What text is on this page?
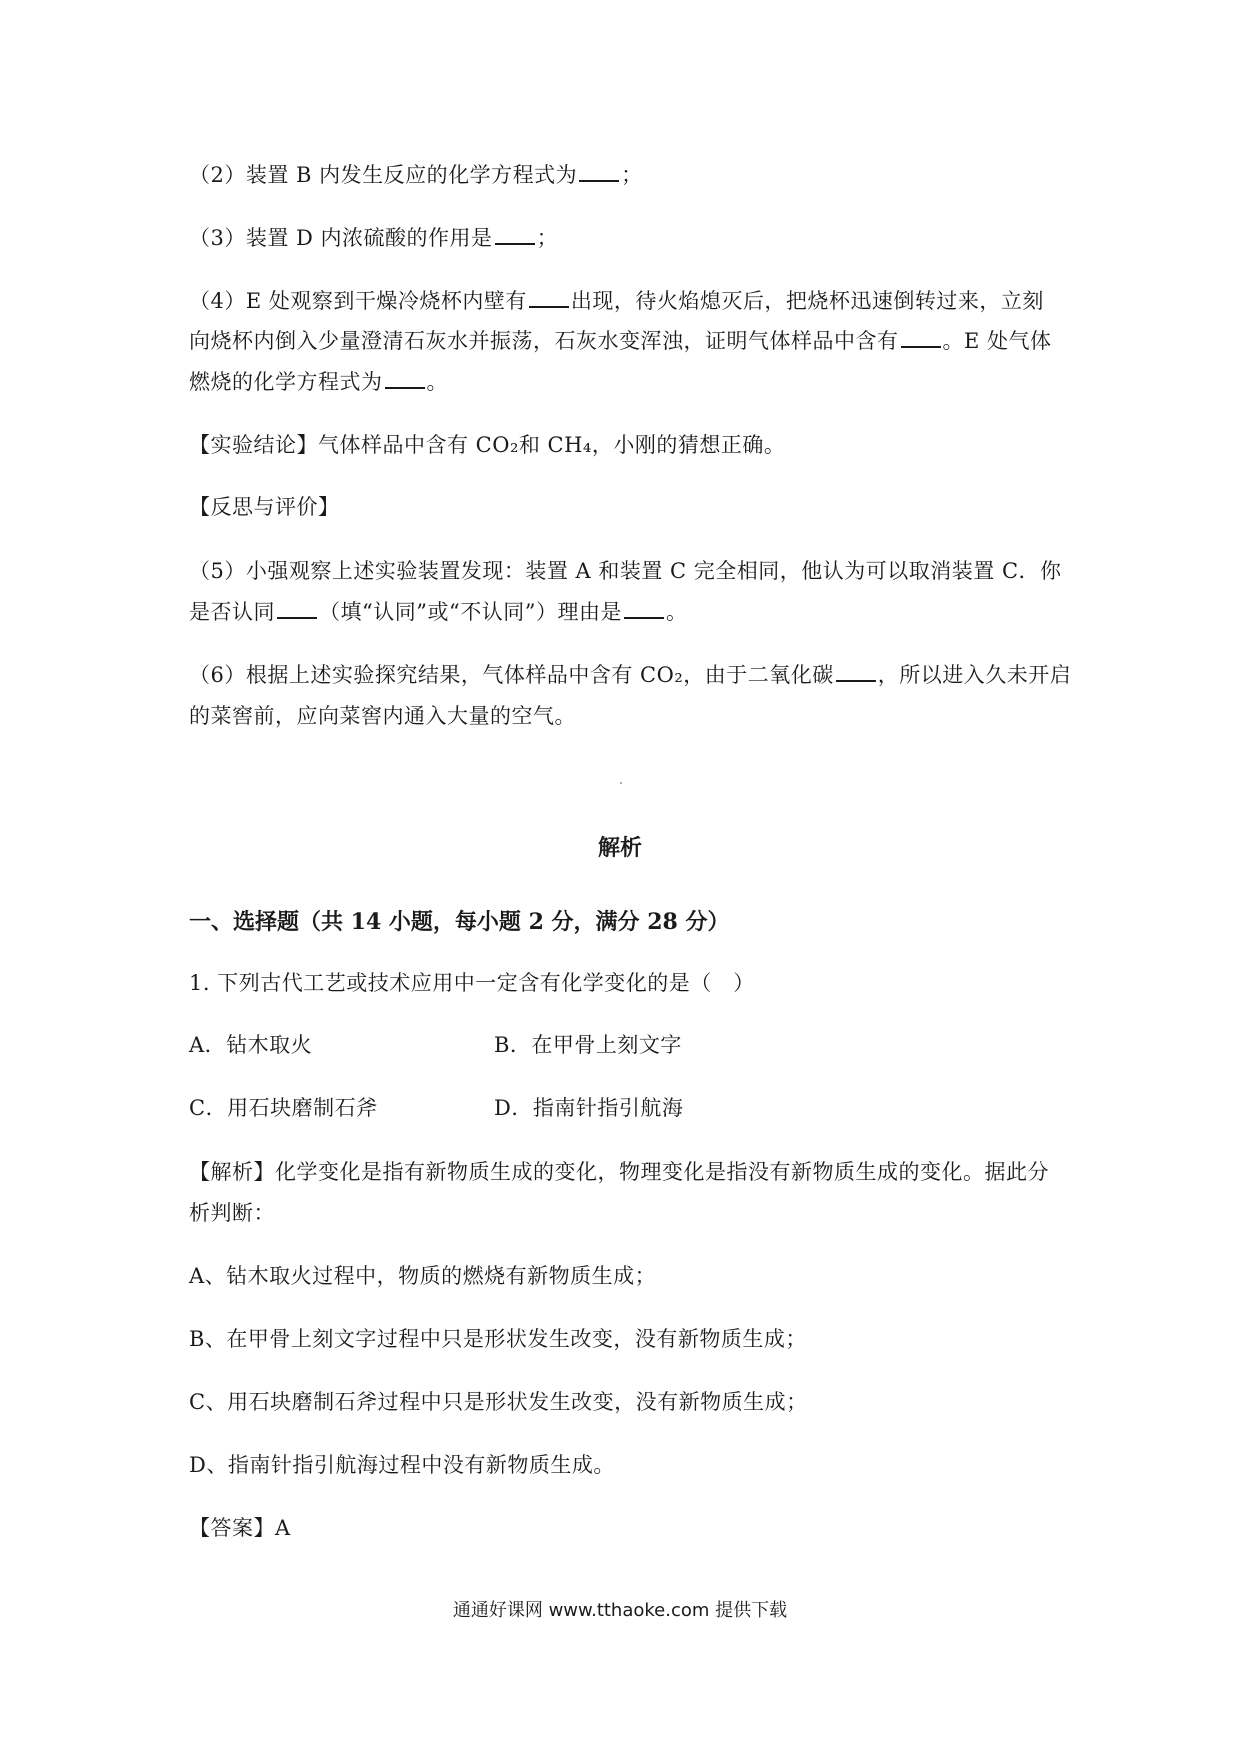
（2）装置 B 内发生反应的化学方程式为 ；
（3）装置 D 内浓硫酸的作用是 ；
（4）E 处观察到干燥冷烧杯内壁有 出现，待火焰熄灭后，把烧杯迅速倒转过来，立刻
向烧杯内倒入少量澄清石灰水并振荡，石灰水变浑浊，证明气体样品中含有 。E 处气体
燃烧的化学方程式为 。
【实验结论】气体样品中含有 CO₂和 CH₄，小刚的猜想正确。
【反思与评价】
（5）小强观察上述实验装置发现：装置 A 和装置 C 完全相同，他认为可以取消装置 C．你
是否认同 （填“认同”或“不认同”）理由是 。
（6）根据上述实验探究结果，气体样品中含有 CO₂，由于二氧化碳 ，所以进入久未开启
的菜窖前，应向菜窖内通入大量的空气。
解析
一、选择题（共 14 小题，每小题 2 分，满分 28 分）
1. 下列古代工艺或技术应用中一定含有化学变化的是（　）
A．钻木取火	B．在甲骨上刻文字
C．用石块磨制石斧	D．指南针指引航海
【解析】化学变化是指有新物质生成的变化，物理变化是指没有新物质生成的变化。据此分
析判断：
A、钻木取火过程中，物质的燃烧有新物质生成；
B、在甲骨上刻文字过程中只是形状发生改变，没有新物质生成；
C、用石块磨制石斧过程中只是形状发生改变，没有新物质生成；
D、指南针指引航海过程中没有新物质生成。
【答案】A
通通好课网 www.tthaoke.com 提供下载
